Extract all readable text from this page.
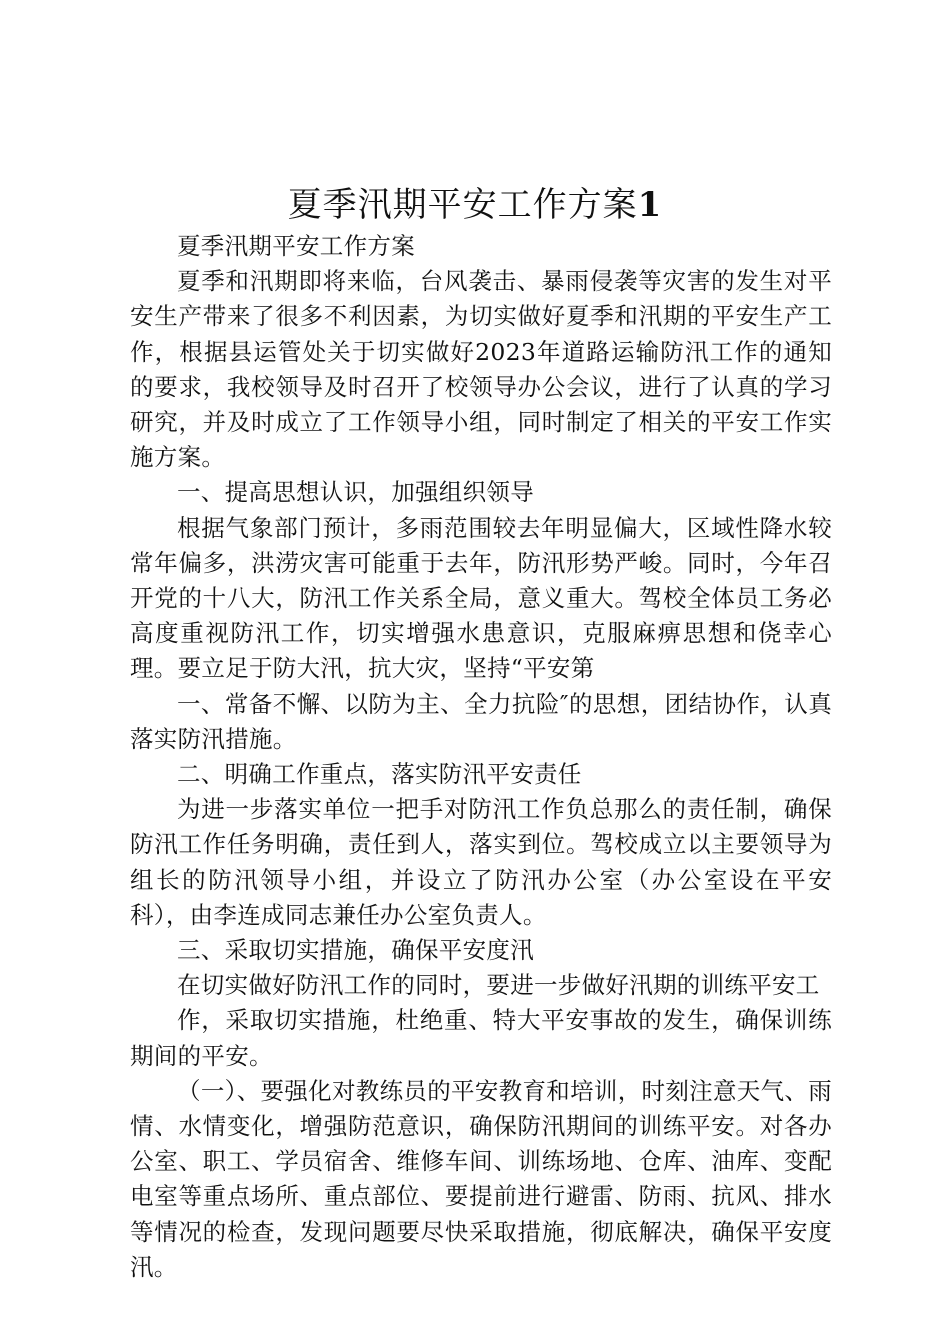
夏季汛期平安工作方案1

夏季汛期平安工作方案

夏季和汛期即将来临，台风袭击、暴雨侵袭等灾害的发生对平安生产带来了很多不利因素，为切实做好夏季和汛期的平安生产工作，根据县运管处关于切实做好2023年道路运输防汛工作的通知的要求，我校领导及时召开了校领导办公会议，进行了认真的学习研究，并及时成立了工作领导小组，同时制定了相关的平安工作实施方案。

一、提高思想认识，加强组织领导

根据气象部门预计，多雨范围较去年明显偏大，区域性降水较常年偏多，洪涝灾害可能重于去年，防汛形势严峻。同时，今年召开党的十八大，防汛工作关系全局，意义重大。驾校全体员工务必高度重视防汛工作，切实增强水患意识，克服麻痹思想和侥幸心理。要立足于防大汛，抗大灾，坚持“平安第

一、常备不懈、以防为主、全力抗险″的思想，团结协作，认真落实防汛措施。

二、明确工作重点，落实防汛平安责任

为进一步落实单位一把手对防汛工作负总那么的责任制，确保防汛工作任务明确，责任到人，落实到位。驾校成立以主要领导为组长的防汛领导小组，并设立了防汛办公室（办公室设在平安科），由李连成同志兼任办公室负责人。

三、采取切实措施，确保平安度汛

在切实做好防汛工作的同时，要进一步做好汛期的训练平安工

作，采取切实措施，杜绝重、特大平安事故的发生，确保训练期间的平安。

（一）、要强化对教练员的平安教育和培训，时刻注意天气、雨情、水情变化，增强防范意识，确保防汛期间的训练平安。对各办公室、职工、学员宿舍、维修车间、训练场地、仓库、油库、变配电室等重点场所、重点部位、要提前进行避雷、防雨、抗风、排水等情况的检查，发现问题要尽快采取措施，彻底解决，确保平安度汛。
